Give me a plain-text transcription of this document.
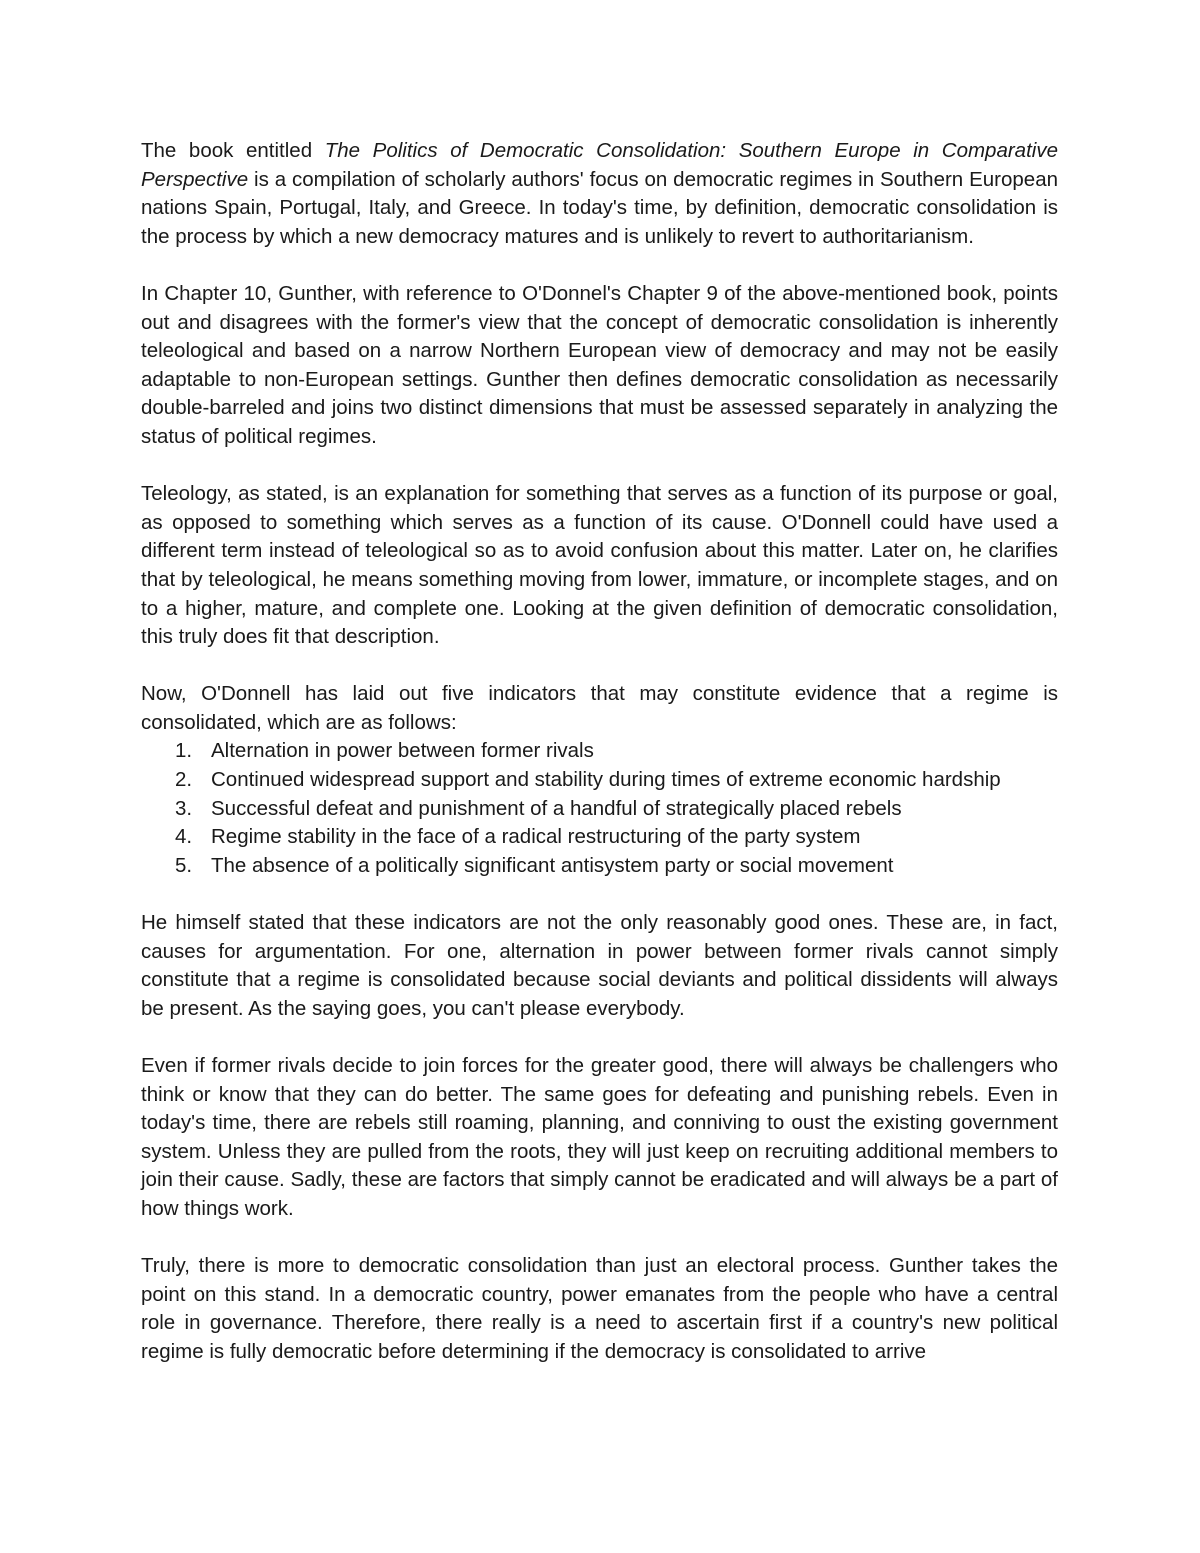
The book entitled The Politics of Democratic Consolidation: Southern Europe in Comparative Perspective is a compilation of scholarly authors' focus on democratic regimes in Southern European nations Spain, Portugal, Italy, and Greece. In today's time, by definition, democratic consolidation is the process by which a new democracy matures and is unlikely to revert to authoritarianism.

In Chapter 10, Gunther, with reference to O'Donnel's Chapter 9 of the above-mentioned book, points out and disagrees with the former's view that the concept of democratic consolidation is inherently teleological and based on a narrow Northern European view of democracy and may not be easily adaptable to non-European settings. Gunther then defines democratic consolidation as necessarily double-barreled and joins two distinct dimensions that must be assessed separately in analyzing the status of political regimes.

Teleology, as stated, is an explanation for something that serves as a function of its purpose or goal, as opposed to something which serves as a function of its cause. O'Donnell could have used a different term instead of teleological so as to avoid confusion about this matter. Later on, he clarifies that by teleological, he means something moving from lower, immature, or incomplete stages, and on to a higher, mature, and complete one. Looking at the given definition of democratic consolidation, this truly does fit that description.

Now, O'Donnell has laid out five indicators that may constitute evidence that a regime is consolidated, which are as follows:

1. Alternation in power between former rivals
2. Continued widespread support and stability during times of extreme economic hardship
3. Successful defeat and punishment of a handful of strategically placed rebels
4. Regime stability in the face of a radical restructuring of the party system
5. The absence of a politically significant antisystem party or social movement

He himself stated that these indicators are not the only reasonably good ones. These are, in fact, causes for argumentation. For one, alternation in power between former rivals cannot simply constitute that a regime is consolidated because social deviants and political dissidents will always be present. As the saying goes, you can't please everybody.

Even if former rivals decide to join forces for the greater good, there will always be challengers who think or know that they can do better. The same goes for defeating and punishing rebels. Even in today's time, there are rebels still roaming, planning, and conniving to oust the existing government system. Unless they are pulled from the roots, they will just keep on recruiting additional members to join their cause. Sadly, these are factors that simply cannot be eradicated and will always be a part of how things work.

Truly, there is more to democratic consolidation than just an electoral process. Gunther takes the point on this stand. In a democratic country, power emanates from the people who have a central role in governance. Therefore, there really is a need to ascertain first if a country's new political regime is fully democratic before determining if the democracy is consolidated to arrive
